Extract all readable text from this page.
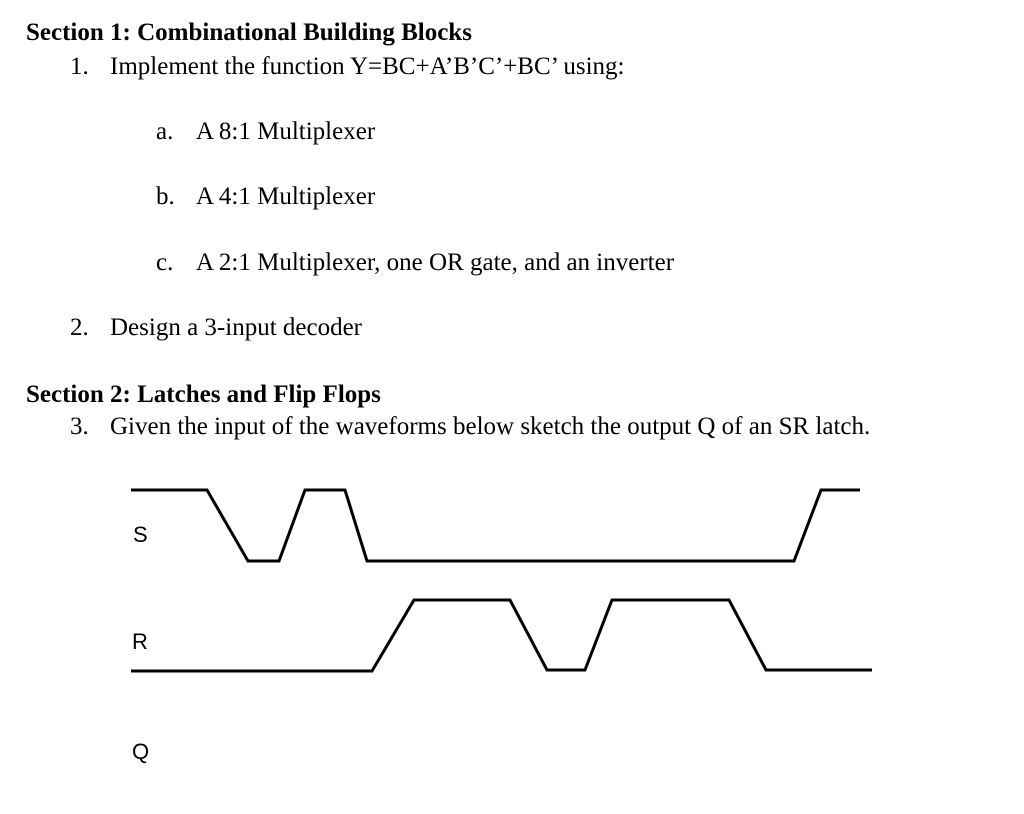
Section 1: Combinational Building Blocks
1. Implement the function Y=BC+A’B’C’+BC’ using:
a. A 8:1 Multiplexer
b. A 4:1 Multiplexer
c. A 2:1 Multiplexer, one OR gate, and an inverter
2. Design a 3-input decoder
Section 2: Latches and Flip Flops
3. Given the input of the waveforms below sketch the output Q of an SR latch.
S
R
Q
